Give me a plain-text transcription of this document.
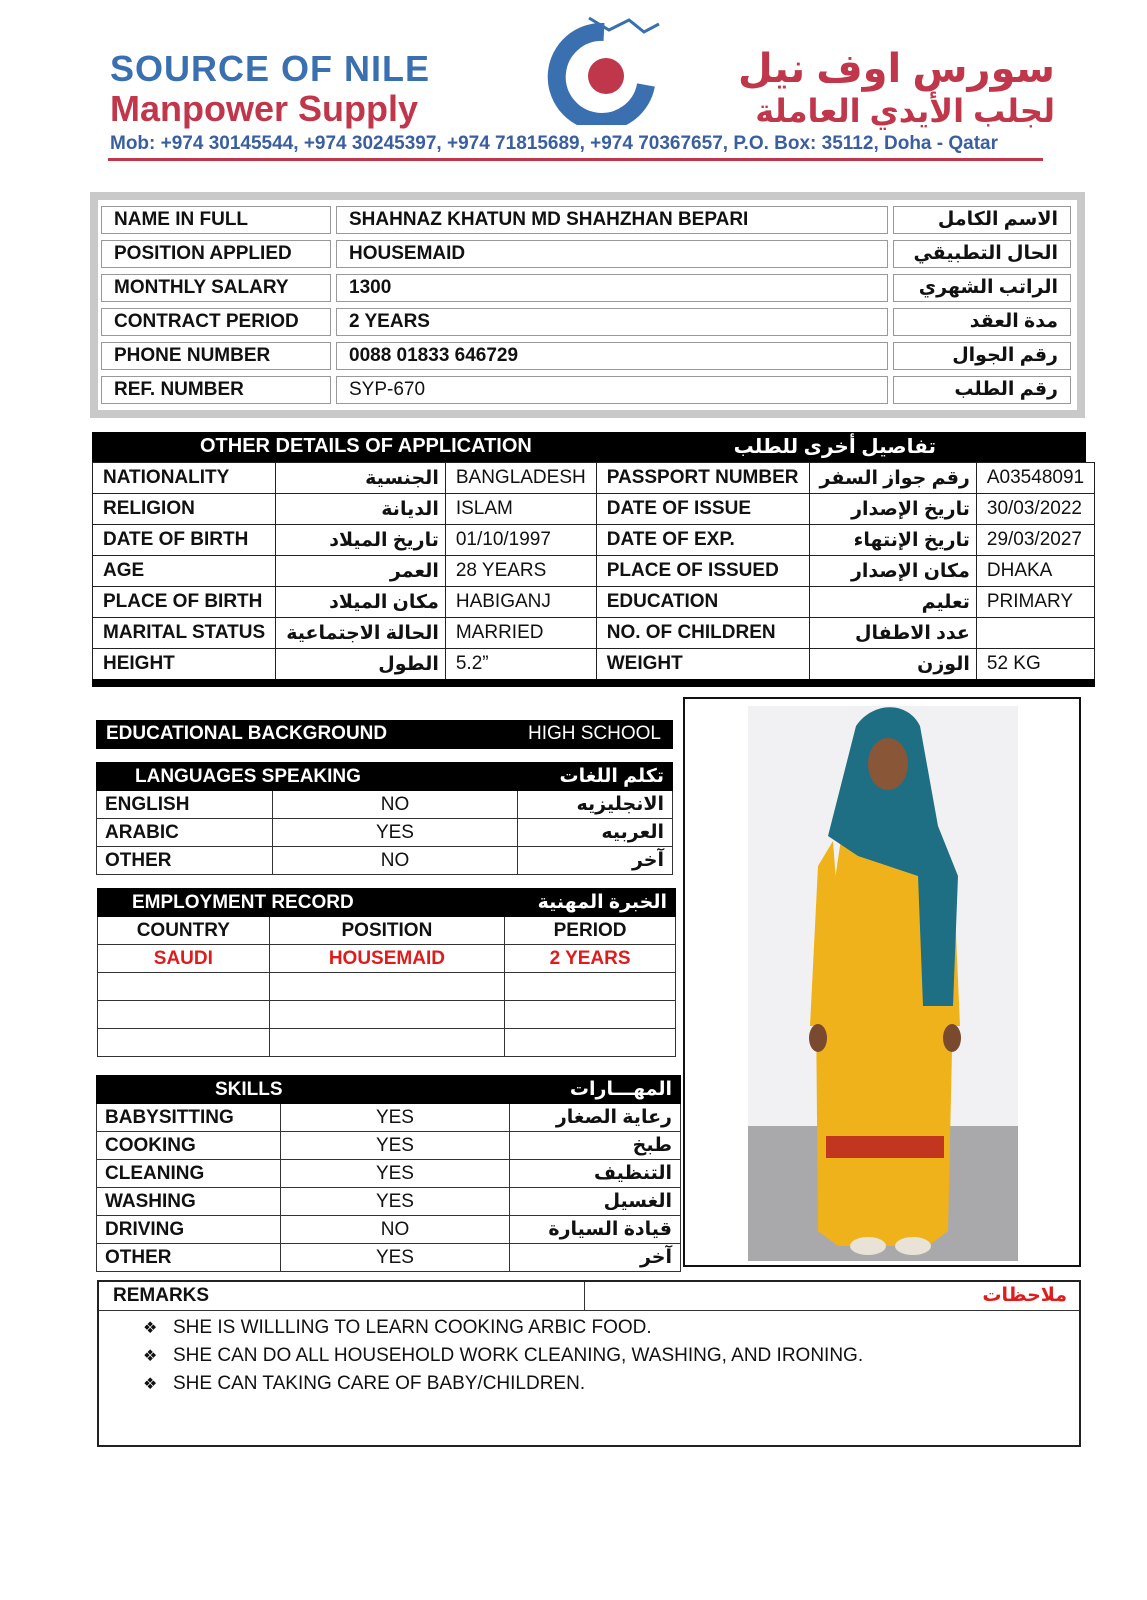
SOURCE OF NILE
Manpower Supply
سورس اوف نيل
لجلب الأيدي العاملة
Mob: +974 30145544, +974 30245397, +974 71815689, +974 70367657, P.O. Box: 35112, Doha - Qatar
NAME IN FULL	SHAHNAZ KHATUN MD SHAHZHAN BEPARI	الاسم الكامل
POSITION APPLIED	HOUSEMAID	الحال التطبيقي
MONTHLY SALARY	1300	الراتب الشهري
CONTRACT PERIOD	2 YEARS	مدة العقد
PHONE NUMBER	0088 01833 646729	رقم الجوال
REF. NUMBER	SYP-670	رقم الطلب
OTHER DETAILS OF APPLICATION	تفاصيل أخرى للطلب
NATIONALITY	الجنسية	BANGLADESH	PASSPORT NUMBER	رقم جواز السفر	A03548091
RELIGION	الديانة	ISLAM	DATE OF ISSUE	تاريخ الإصدار	30/03/2022
DATE OF BIRTH	تاريخ الميلاد	01/10/1997	DATE OF EXP.	تاريخ الإنتهاء	29/03/2027
AGE	العمر	28 YEARS	PLACE OF ISSUED	مكان الإصدار	DHAKA
PLACE OF BIRTH	مكان الميلاد	HABIGANJ	EDUCATION	تعليم	PRIMARY
MARITAL STATUS	الحالة الاجتماعية	MARRIED	NO. OF CHILDREN	عدد الاطفال	
HEIGHT	الطول	5.2”	WEIGHT	الوزن	52 KG
EDUCATIONAL BACKGROUND	HIGH SCHOOL
LANGUAGES SPEAKING		تكلم اللغات
ENGLISH	NO	الانجليزيه
ARABIC	YES	العربيه
OTHER	NO	آخر
EMPLOYMENT RECORD		الخبرة المهنية
COUNTRY	POSITION	PERIOD
SAUDI	HOUSEMAID	2 YEARS

SKILLS		المهـــارات
BABYSITTING	YES	رعاية الصغار
COOKING	YES	طبخ
CLEANING	YES	التنظيف
WASHING	YES	الغسيل
DRIVING	NO	قيادة السيارة
OTHER	YES	آخر
REMARKS	ملاحظات
❖ SHE IS WILLLING TO LEARN COOKING ARBIC FOOD.
❖ SHE CAN DO ALL HOUSEHOLD WORK CLEANING, WASHING, AND IRONING.
❖ SHE CAN TAKING CARE OF BABY/CHILDREN.
